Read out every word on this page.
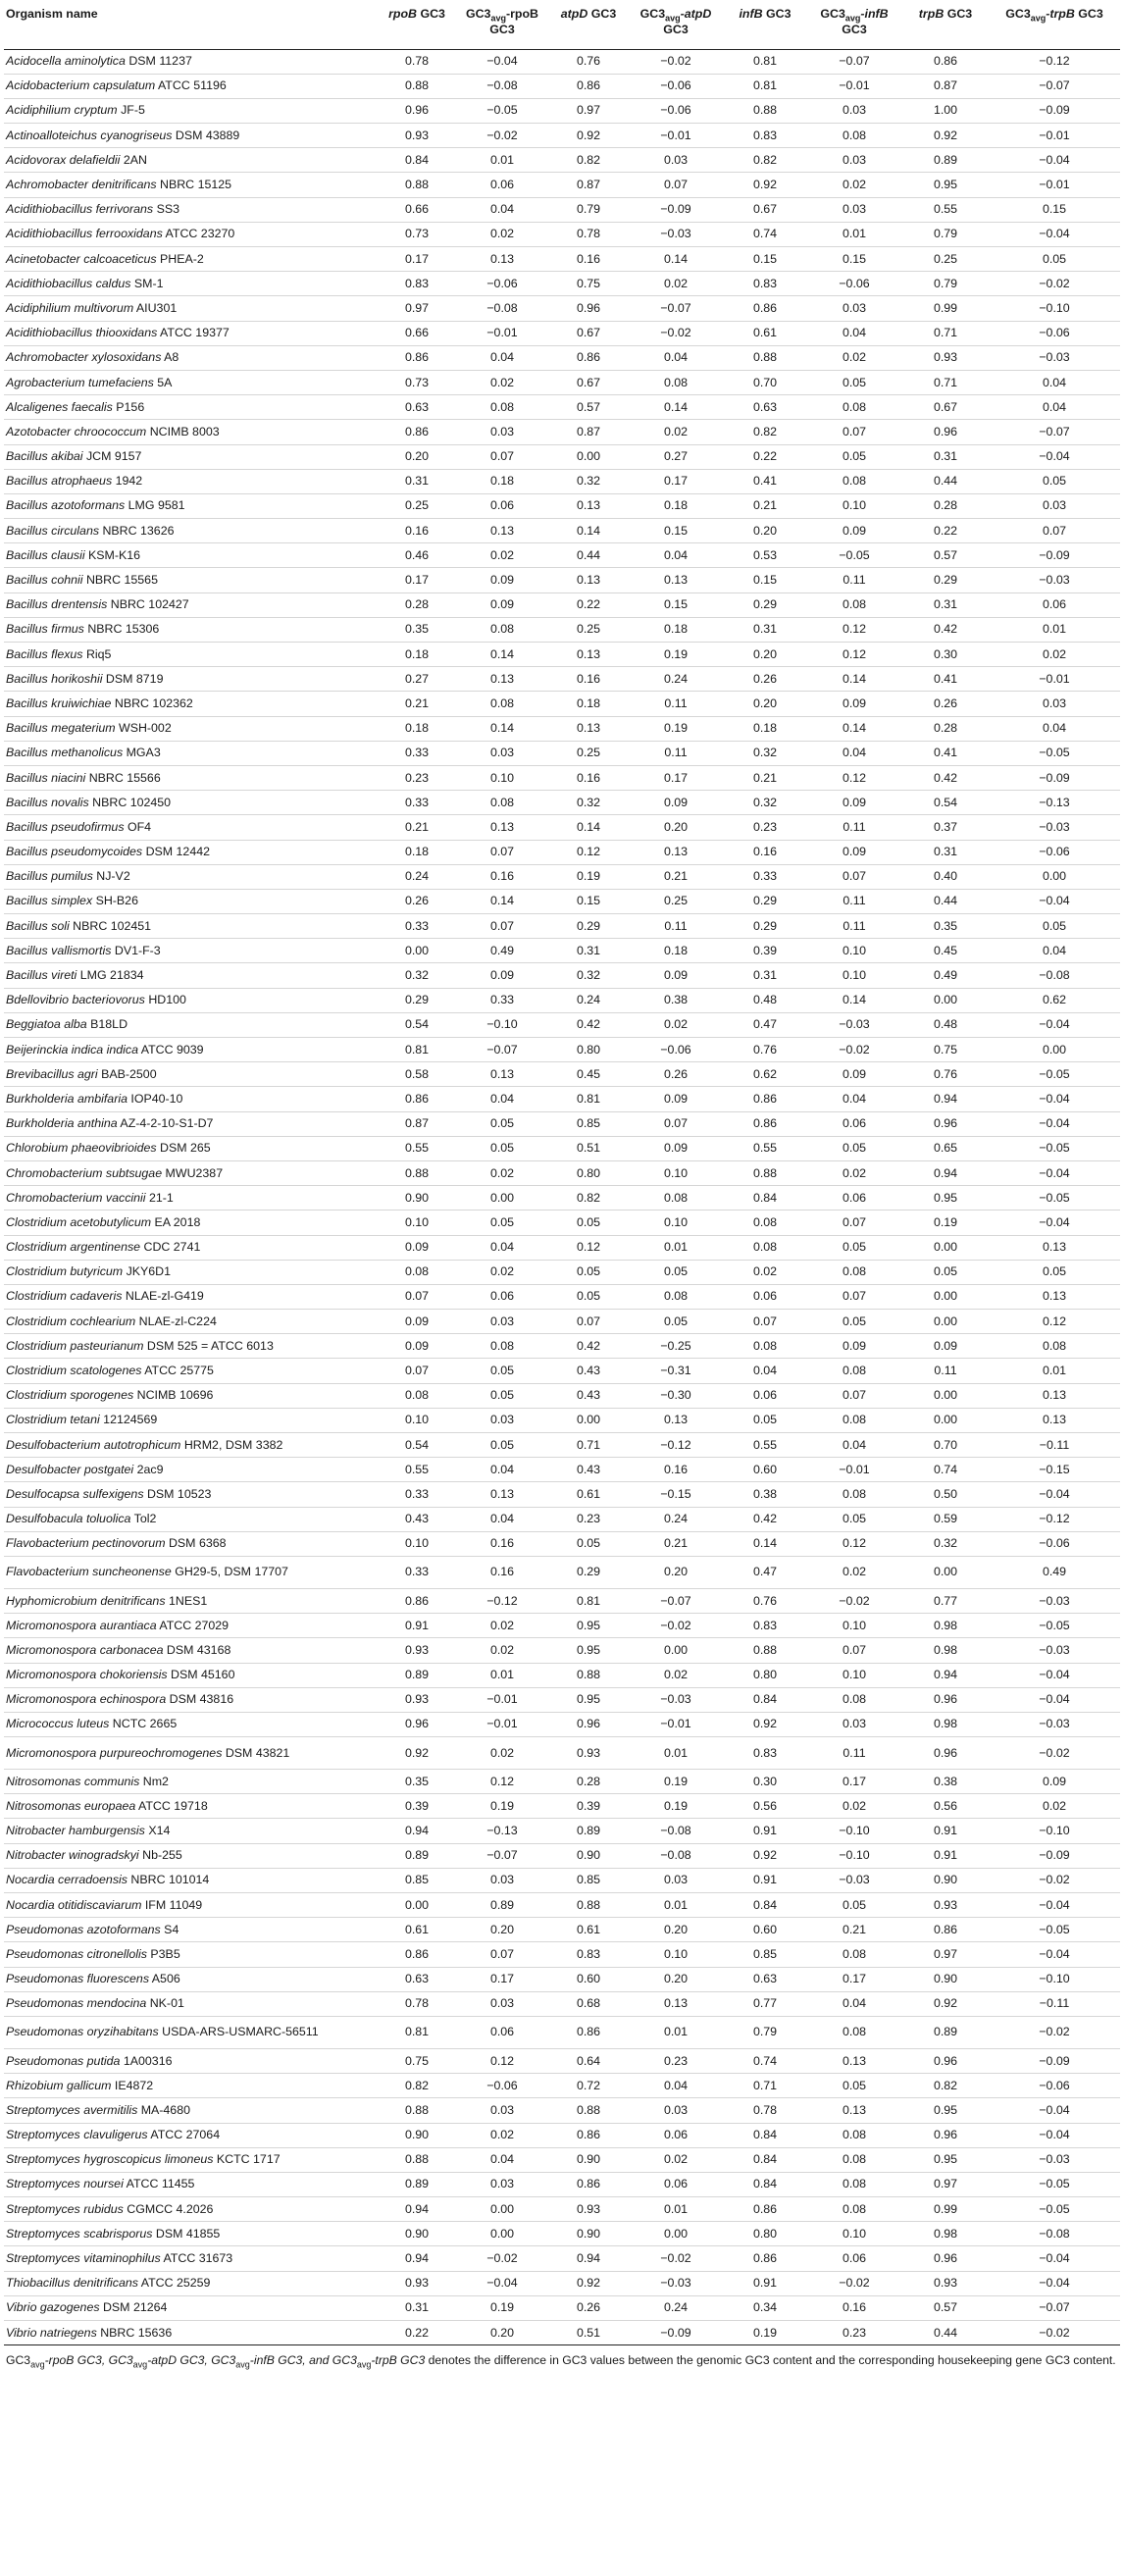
Organism name	rpoB GC3	$GC3_{avg}$-rpoB GC3	atpD GC3	$GC3_{avg}$-atpD GC3	infB GC3	$GC3_{avg}$-infB GC3	trpB GC3	$GC3_{avg}$-trpB GC3
Acidocella aminolytica DSM 11237	0.78	−0.04	0.76	−0.02	0.81	−0.07	0.86	−0.12
Acidobacterium capsulatum ATCC 51196	0.88	−0.08	0.86	−0.06	0.81	−0.01	0.87	−0.07
Acidiphilium cryptum JF-5	0.96	−0.05	0.97	−0.06	0.88	0.03	1.00	−0.09
Actinoalloteichus cyanogriseus DSM 43889	0.93	−0.02	0.92	−0.01	0.83	0.08	0.92	−0.01
Acidovorax delafieldii 2AN	0.84	0.01	0.82	0.03	0.82	0.03	0.89	−0.04
Achromobacter denitrificans NBRC 15125	0.88	0.06	0.87	0.07	0.92	0.02	0.95	−0.01
Acidithiobacillus ferrivorans SS3	0.66	0.04	0.79	−0.09	0.67	0.03	0.55	0.15
Acidithiobacillus ferrooxidans ATCC 23270	0.73	0.02	0.78	−0.03	0.74	0.01	0.79	−0.04
Acinetobacter calcoaceticus PHEA-2	0.17	0.13	0.16	0.14	0.15	0.15	0.25	0.05
Acidithiobacillus caldus SM-1	0.83	−0.06	0.75	0.02	0.83	−0.06	0.79	−0.02
Acidiphilium multivorum AIU301	0.97	−0.08	0.96	−0.07	0.86	0.03	0.99	−0.10
Acidithiobacillus thiooxidans ATCC 19377	0.66	−0.01	0.67	−0.02	0.61	0.04	0.71	−0.06
Achromobacter xylosoxidans A8	0.86	0.04	0.86	0.04	0.88	0.02	0.93	−0.03
Agrobacterium tumefaciens 5A	0.73	0.02	0.67	0.08	0.70	0.05	0.71	0.04
Alcaligenes faecalis P156	0.63	0.08	0.57	0.14	0.63	0.08	0.67	0.04
Azotobacter chroococcum NCIMB 8003	0.86	0.03	0.87	0.02	0.82	0.07	0.96	−0.07
Bacillus akibai JCM 9157	0.20	0.07	0.00	0.27	0.22	0.05	0.31	−0.04
Bacillus atrophaeus 1942	0.31	0.18	0.32	0.17	0.41	0.08	0.44	0.05
Bacillus azotoformans LMG 9581	0.25	0.06	0.13	0.18	0.21	0.10	0.28	0.03
Bacillus circulans NBRC 13626	0.16	0.13	0.14	0.15	0.20	0.09	0.22	0.07
Bacillus clausii KSM-K16	0.46	0.02	0.44	0.04	0.53	−0.05	0.57	−0.09
Bacillus cohnii NBRC 15565	0.17	0.09	0.13	0.13	0.15	0.11	0.29	−0.03
Bacillus drentensis NBRC 102427	0.28	0.09	0.22	0.15	0.29	0.08	0.31	0.06
Bacillus firmus NBRC 15306	0.35	0.08	0.25	0.18	0.31	0.12	0.42	0.01
Bacillus flexus Riq5	0.18	0.14	0.13	0.19	0.20	0.12	0.30	0.02
Bacillus horikoshii DSM 8719	0.27	0.13	0.16	0.24	0.26	0.14	0.41	−0.01
Bacillus kruiwichiae NBRC 102362	0.21	0.08	0.18	0.11	0.20	0.09	0.26	0.03
Bacillus megaterium WSH-002	0.18	0.14	0.13	0.19	0.18	0.14	0.28	0.04
Bacillus methanolicus MGA3	0.33	0.03	0.25	0.11	0.32	0.04	0.41	−0.05
Bacillus niacini NBRC 15566	0.23	0.10	0.16	0.17	0.21	0.12	0.42	−0.09
Bacillus novalis NBRC 102450	0.33	0.08	0.32	0.09	0.32	0.09	0.54	−0.13
Bacillus pseudofirmus OF4	0.21	0.13	0.14	0.20	0.23	0.11	0.37	−0.03
Bacillus pseudomycoides DSM 12442	0.18	0.07	0.12	0.13	0.16	0.09	0.31	−0.06
Bacillus pumilus NJ-V2	0.24	0.16	0.19	0.21	0.33	0.07	0.40	0.00
Bacillus simplex SH-B26	0.26	0.14	0.15	0.25	0.29	0.11	0.44	−0.04
Bacillus soli NBRC 102451	0.33	0.07	0.29	0.11	0.29	0.11	0.35	0.05
Bacillus vallismortis DV1-F-3	0.00	0.49	0.31	0.18	0.39	0.10	0.45	0.04
Bacillus vireti LMG 21834	0.32	0.09	0.32	0.09	0.31	0.10	0.49	−0.08
Bdellovibrio bacteriovorus HD100	0.29	0.33	0.24	0.38	0.48	0.14	0.00	0.62
Beggiatoa alba B18LD	0.54	−0.10	0.42	0.02	0.47	−0.03	0.48	−0.04
Beijerinckia indica indica ATCC 9039	0.81	−0.07	0.80	−0.06	0.76	−0.02	0.75	0.00
Brevibacillus agri BAB-2500	0.58	0.13	0.45	0.26	0.62	0.09	0.76	−0.05
Burkholderia ambifaria IOP40-10	0.86	0.04	0.81	0.09	0.86	0.04	0.94	−0.04
Burkholderia anthina AZ-4-2-10-S1-D7	0.87	0.05	0.85	0.07	0.86	0.06	0.96	−0.04
Chlorobium phaeovibrioides DSM 265	0.55	0.05	0.51	0.09	0.55	0.05	0.65	−0.05
Chromobacterium subtsugae MWU2387	0.88	0.02	0.80	0.10	0.88	0.02	0.94	−0.04
Chromobacterium vaccinii 21-1	0.90	0.00	0.82	0.08	0.84	0.06	0.95	−0.05
Clostridium acetobutylicum EA 2018	0.10	0.05	0.05	0.10	0.08	0.07	0.19	−0.04
Clostridium argentinense CDC 2741	0.09	0.04	0.12	0.01	0.08	0.05	0.00	0.13
Clostridium butyricum JKY6D1	0.08	0.02	0.05	0.05	0.02	0.08	0.05	0.05
Clostridium cadaveris NLAE-zl-G419	0.07	0.06	0.05	0.08	0.06	0.07	0.00	0.13
Clostridium cochlearium NLAE-zl-C224	0.09	0.03	0.07	0.05	0.07	0.05	0.00	0.12
Clostridium pasteurianum DSM 525 = ATCC 6013	0.09	0.08	0.42	−0.25	0.08	0.09	0.09	0.08
Clostridium scatologenes ATCC 25775	0.07	0.05	0.43	−0.31	0.04	0.08	0.11	0.01
Clostridium sporogenes NCIMB 10696	0.08	0.05	0.43	−0.30	0.06	0.07	0.00	0.13
Clostridium tetani 12124569	0.10	0.03	0.00	0.13	0.05	0.08	0.00	0.13
Desulfobacterium autotrophicum HRM2, DSM 3382	0.54	0.05	0.71	−0.12	0.55	0.04	0.70	−0.11
Desulfobacter postgatei 2ac9	0.55	0.04	0.43	0.16	0.60	−0.01	0.74	−0.15
Desulfocapsa sulfexigens DSM 10523	0.33	0.13	0.61	−0.15	0.38	0.08	0.50	−0.04
Desulfobacula toluolica Tol2	0.43	0.04	0.23	0.24	0.42	0.05	0.59	−0.12
Flavobacterium pectinovorum DSM 6368	0.10	0.16	0.05	0.21	0.14	0.12	0.32	−0.06
Flavobacterium suncheonense GH29-5, DSM 17707	0.33	0.16	0.29	0.20	0.47	0.02	0.00	0.49
Hyphomicrobium denitrificans 1NES1	0.86	−0.12	0.81	−0.07	0.76	−0.02	0.77	−0.03
Micromonospora aurantiaca ATCC 27029	0.91	0.02	0.95	−0.02	0.83	0.10	0.98	−0.05
Micromonospora carbonacea DSM 43168	0.93	0.02	0.95	0.00	0.88	0.07	0.98	−0.03
Micromonospora chokoriensis DSM 45160	0.89	0.01	0.88	0.02	0.80	0.10	0.94	−0.04
Micromonospora echinospora DSM 43816	0.93	−0.01	0.95	−0.03	0.84	0.08	0.96	−0.04
Micrococcus luteus NCTC 2665	0.96	−0.01	0.96	−0.01	0.92	0.03	0.98	−0.03
Micromonospora purpureochromogenes DSM 43821	0.92	0.02	0.93	0.01	0.83	0.11	0.96	−0.02
Nitrosomonas communis Nm2	0.35	0.12	0.28	0.19	0.30	0.17	0.38	0.09
Nitrosomonas europaea ATCC 19718	0.39	0.19	0.39	0.19	0.56	0.02	0.56	0.02
Nitrobacter hamburgensis X14	0.94	−0.13	0.89	−0.08	0.91	−0.10	0.91	−0.10
Nitrobacter winogradskyi Nb-255	0.89	−0.07	0.90	−0.08	0.92	−0.10	0.91	−0.09
Nocardia cerradoensis NBRC 101014	0.85	0.03	0.85	0.03	0.91	−0.03	0.90	−0.02
Nocardia otitidiscaviarum IFM 11049	0.00	0.89	0.88	0.01	0.84	0.05	0.93	−0.04
Pseudomonas azotoformans S4	0.61	0.20	0.61	0.20	0.60	0.21	0.86	−0.05
Pseudomonas citronellolis P3B5	0.86	0.07	0.83	0.10	0.85	0.08	0.97	−0.04
Pseudomonas fluorescens A506	0.63	0.17	0.60	0.20	0.63	0.17	0.90	−0.10
Pseudomonas mendocina NK-01	0.78	0.03	0.68	0.13	0.77	0.04	0.92	−0.11
Pseudomonas oryzihabitans USDA-ARS-USMARC-56511	0.81	0.06	0.86	0.01	0.79	0.08	0.89	−0.02
Pseudomonas putida 1A00316	0.75	0.12	0.64	0.23	0.74	0.13	0.96	−0.09
Rhizobium gallicum IE4872	0.82	−0.06	0.72	0.04	0.71	0.05	0.82	−0.06
Streptomyces avermitilis MA-4680	0.88	0.03	0.88	0.03	0.78	0.13	0.95	−0.04
Streptomyces clavuligerus ATCC 27064	0.90	0.02	0.86	0.06	0.84	0.08	0.96	−0.04
Streptomyces hygroscopicus limoneus KCTC 1717	0.88	0.04	0.90	0.02	0.84	0.08	0.95	−0.03
Streptomyces noursei ATCC 11455	0.89	0.03	0.86	0.06	0.84	0.08	0.97	−0.05
Streptomyces rubidus CGMCC 4.2026	0.94	0.00	0.93	0.01	0.86	0.08	0.99	−0.05
Streptomyces scabrisporus DSM 41855	0.90	0.00	0.90	0.00	0.80	0.10	0.98	−0.08
Streptomyces vitaminophilus ATCC 31673	0.94	−0.02	0.94	−0.02	0.86	0.06	0.96	−0.04
Thiobacillus denitrificans ATCC 25259	0.93	−0.04	0.92	−0.03	0.91	−0.02	0.93	−0.04
Vibrio gazogenes DSM 21264	0.31	0.19	0.26	0.24	0.34	0.16	0.57	−0.07
Vibrio natriegens NBRC 15636	0.22	0.20	0.51	−0.09	0.19	0.23	0.44	−0.02
$GC3_{avg}$-rpoB GC3, $GC3_{avg}$-atpD GC3, $GC3_{avg}$-infB GC3, and $GC3_{avg}$-trpB GC3 denotes the difference in GC3 values between the genomic GC3 content and the corresponding housekeeping gene GC3 content.
